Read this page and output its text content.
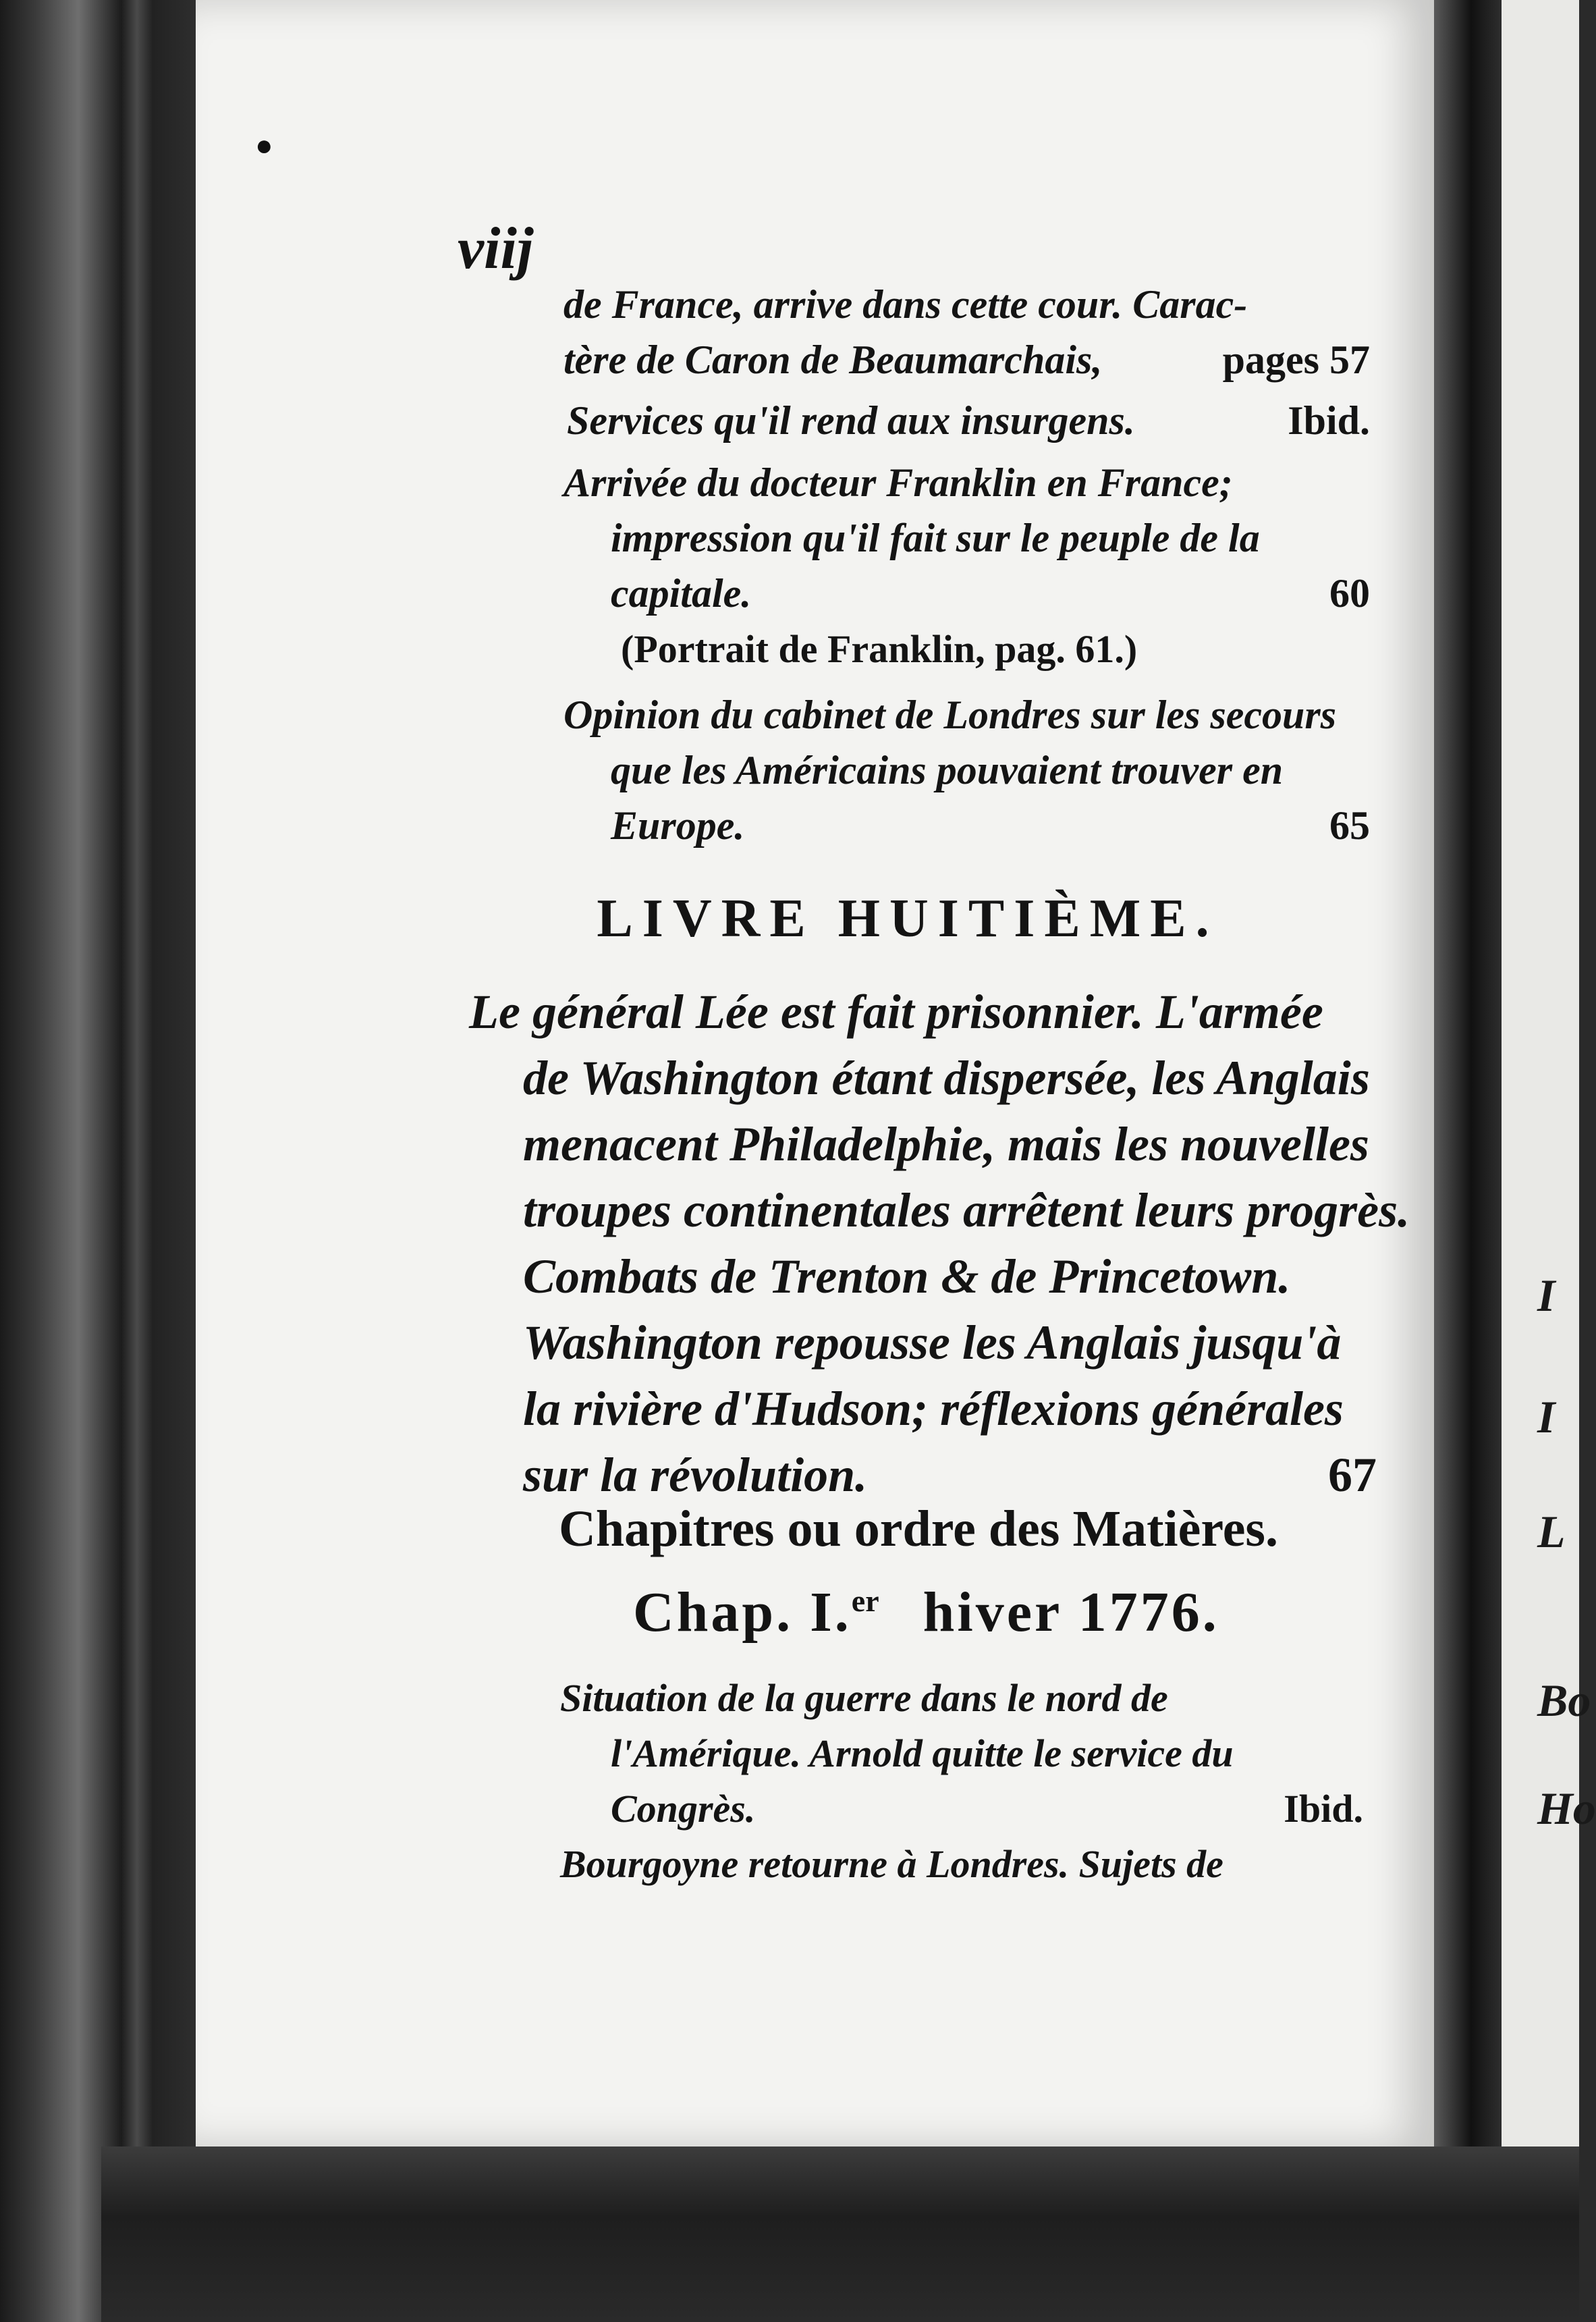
●
viij
de France, arrive dans cette cour. Carac-
tère de Caron de Beaumarchais,	pages 57
Services qu'il rend aux insurgens.	Ibid.
Arrivée du docteur Franklin en France;
impression qu'il fait sur le peuple de la
capitale.	60
(Portrait de Franklin, pag. 61.)
Opinion du cabinet de Londres sur les secours
que les Américains pouvaient trouver en
Europe.	65
LIVRE HUITIÈME.
Le général Lée est fait prisonnier. L'armée
de Washington étant dispersée, les Anglais
menacent Philadelphie, mais les nouvelles
troupes continentales arrêtent leurs progrès.
Combats de Trenton & de Princetown.
Washington repousse les Anglais jusqu'à
la rivière d'Hudson; réflexions générales
sur la révolution.	67
Chapitres ou ordre des Matières.
Chap. I.$^{er}$ hiver 1776.
Situation de la guerre dans le nord de
l'Amérique. Arnold quitte le service du
Congrès.	Ibid.
Bourgoyne retourne à Londres. Sujets de
I
I
L
Bo
Ho
